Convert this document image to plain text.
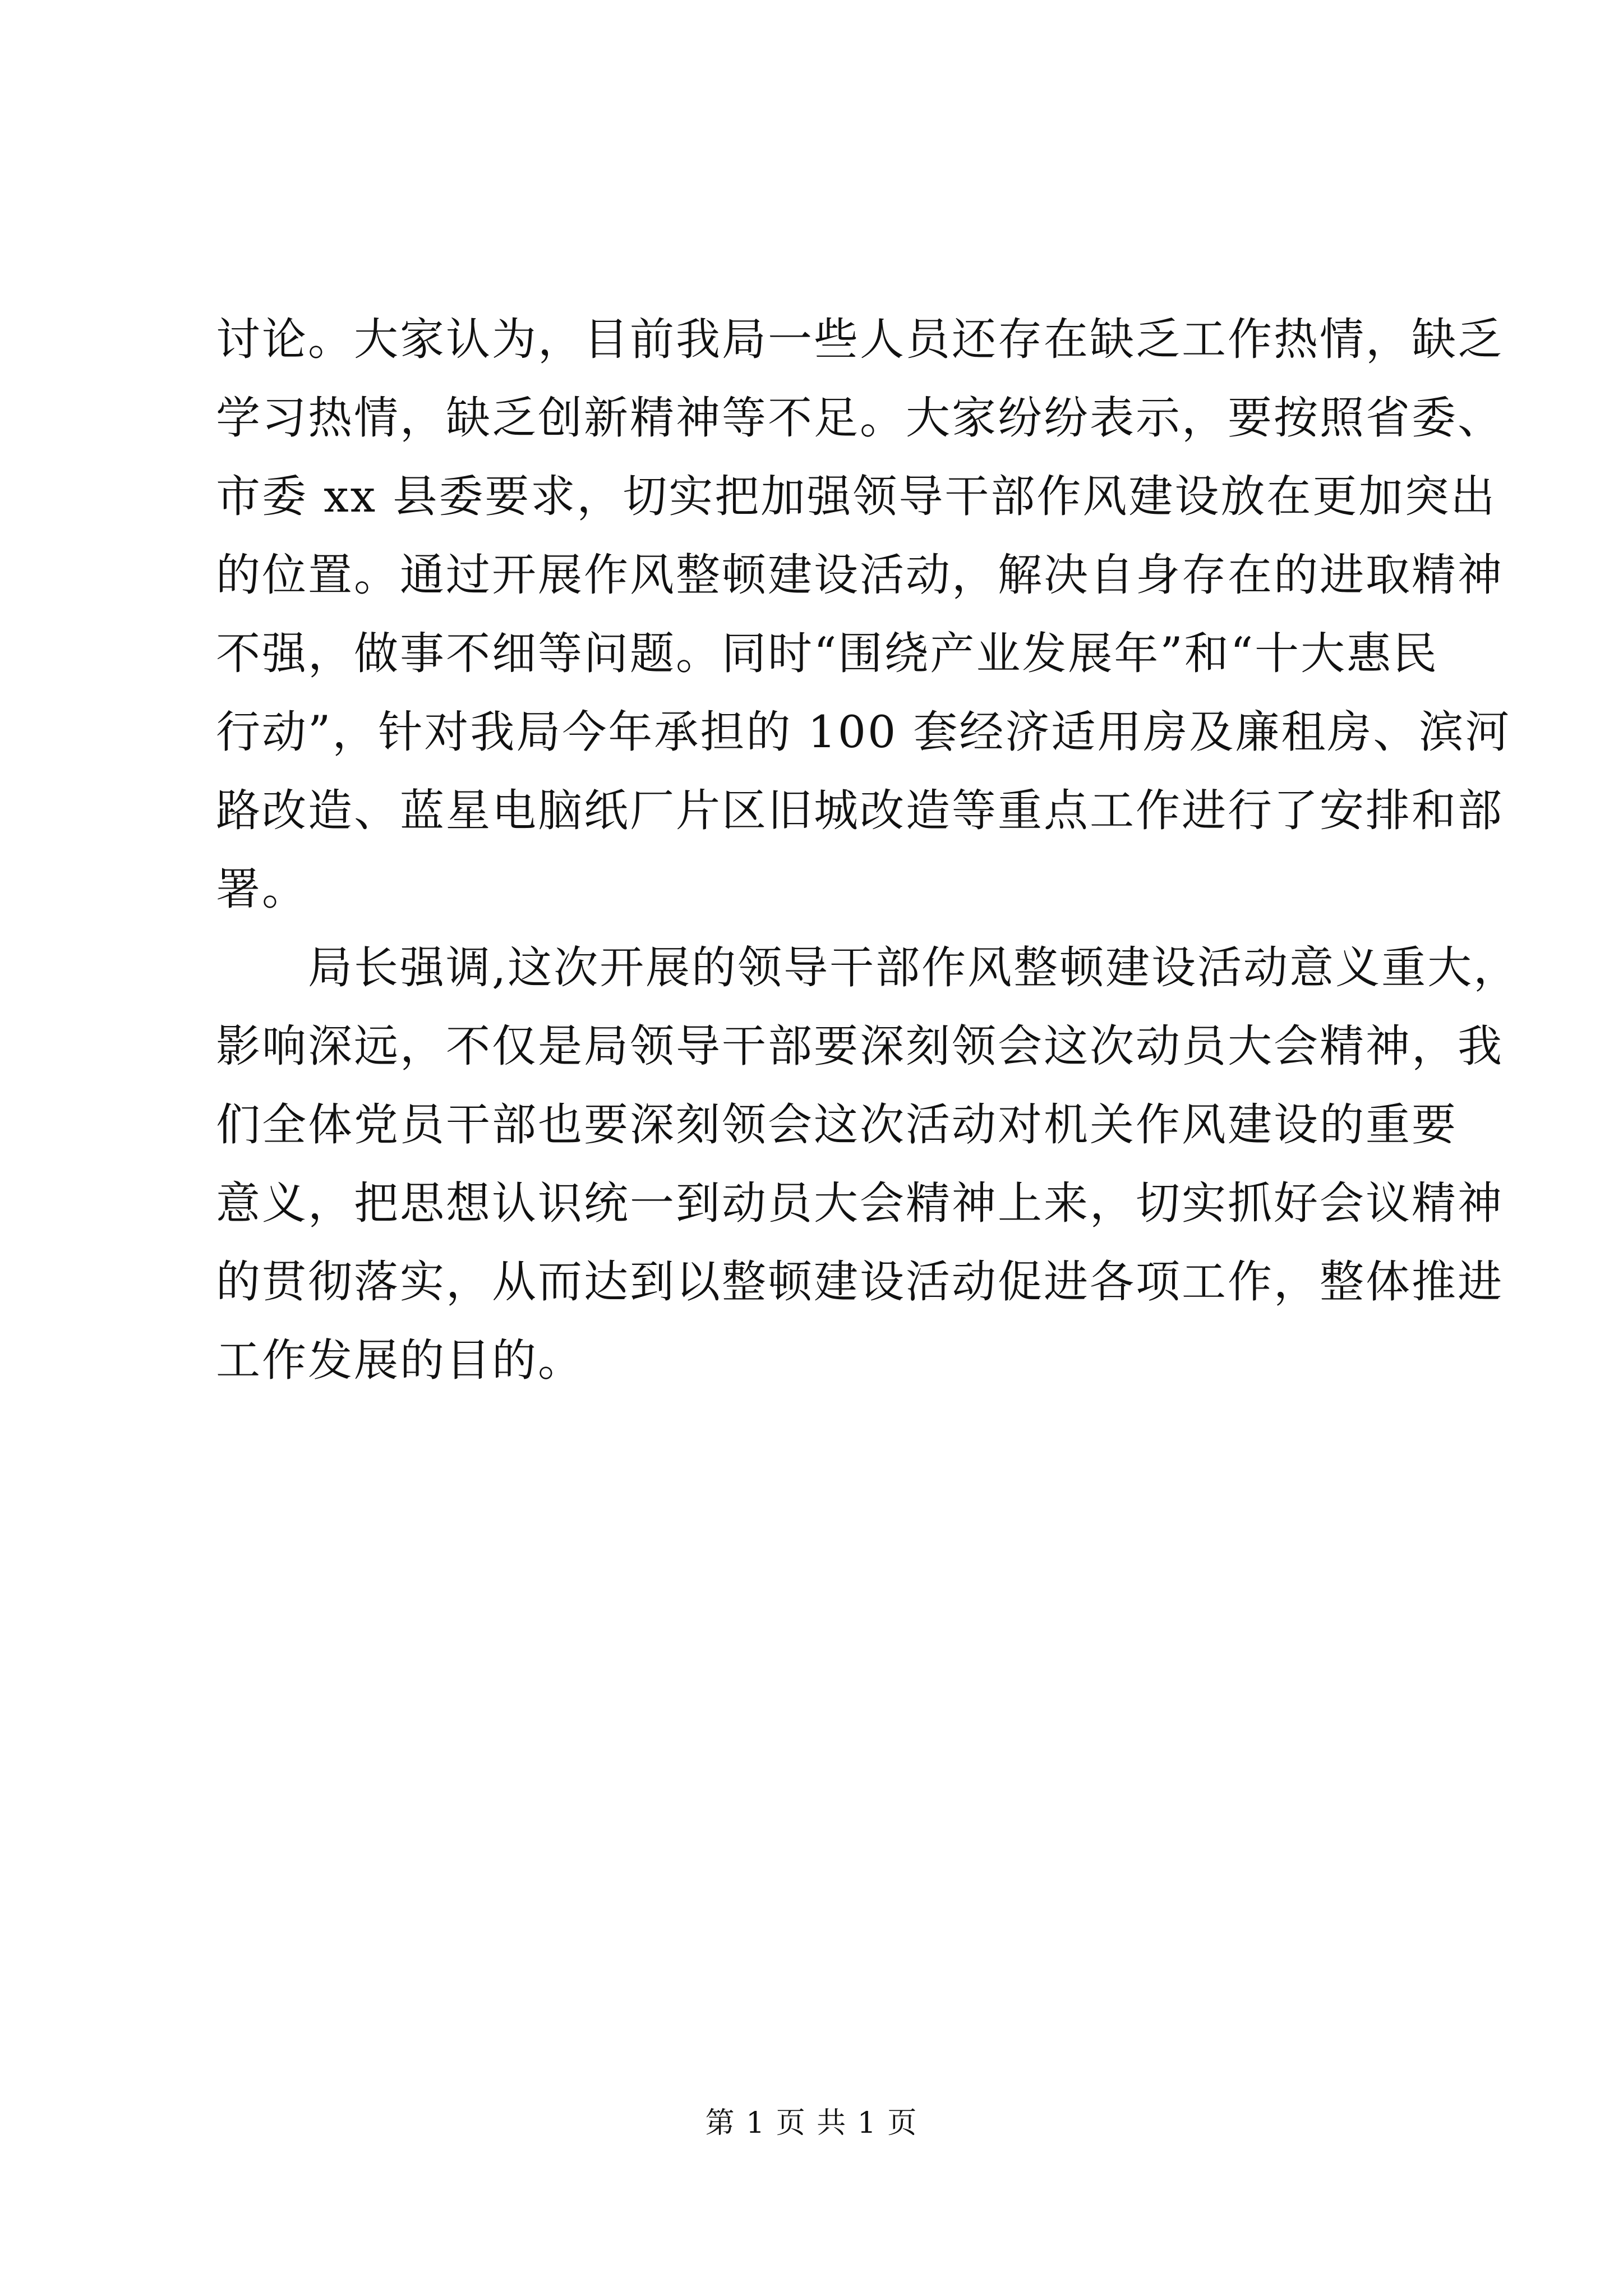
讨论。大家认为，目前我局一些人员还存在缺乏工作热情，缺乏
学习热情，缺乏创新精神等不足。大家纷纷表示，要按照省委、
市委 xx 县委要求，切实把加强领导干部作风建设放在更加突出
的位置。通过开展作风整顿建设活动，解决自身存在的进取精神
不强，做事不细等问题。同时“围绕产业发展年”和“十大惠民
行动”，针对我局今年承担的 100 套经济适用房及廉租房、滨河
路改造、蓝星电脑纸厂片区旧城改造等重点工作进行了安排和部
署。

局长强调,这次开展的领导干部作风整顿建设活动意义重大，
影响深远，不仅是局领导干部要深刻领会这次动员大会精神，我
们全体党员干部也要深刻领会这次活动对机关作风建设的重要
意义，把思想认识统一到动员大会精神上来，切实抓好会议精神
的贯彻落实，从而达到以整顿建设活动促进各项工作，整体推进
工作发展的目的。

第 1 页 共 1 页
